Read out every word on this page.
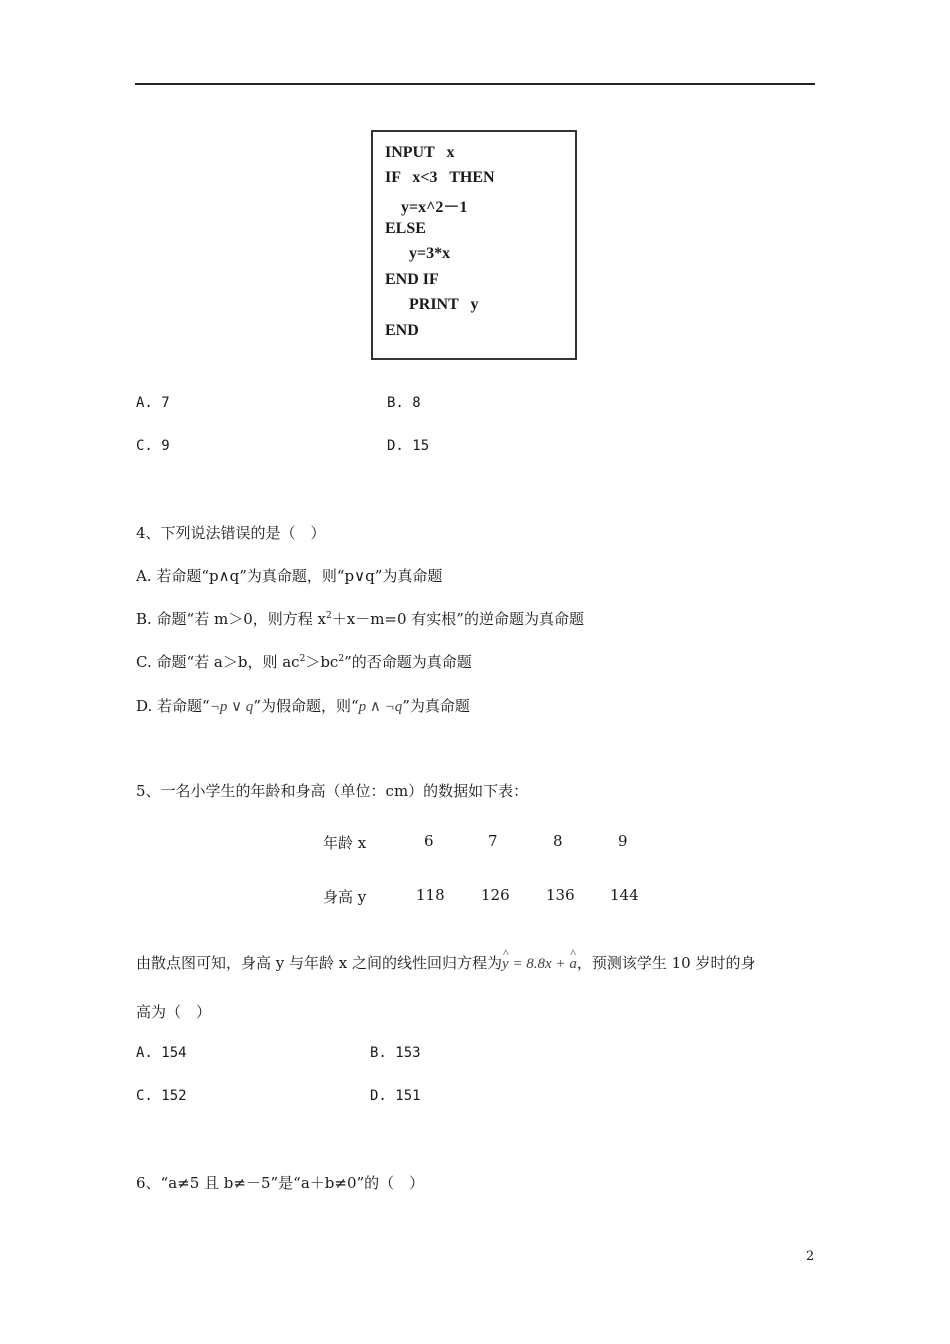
INPUT   x
IF   x<3   THEN
y=x^2－1
ELSE
y=3*x
END IF
PRINT   y
END
A. 7	B. 8
C. 9	D. 15
4、下列说法错误的是（　）
A. 若命题“p∧q”为真命题，则“p∨q”为真命题
B. 命题“若 m＞0，则方程 $x^2+x-m=0$ 有实根”的逆命题为真命题
C. 命题“若 a＞b，则 $ac^2>bc^2$”的否命题为真命题
D. 若命题“¬p ∨ q”为假命题，则“p ∧ ¬q”为真命题
5、一名小学生的年龄和身高（单位：cm）的数据如下表：
年龄 x	6	7	8	9
身高 y	118 126 136 144
由散点图可知，身高 y 与年龄 x 之间的线性回归方程为^ y = 8.8x + ^ a，预测该学生 10 岁时的身
高为（　）
A. 154	B. 153
C. 152	D. 151
6、“a≠5 且 b≠－5”是“a＋b≠0”的（　）
2
